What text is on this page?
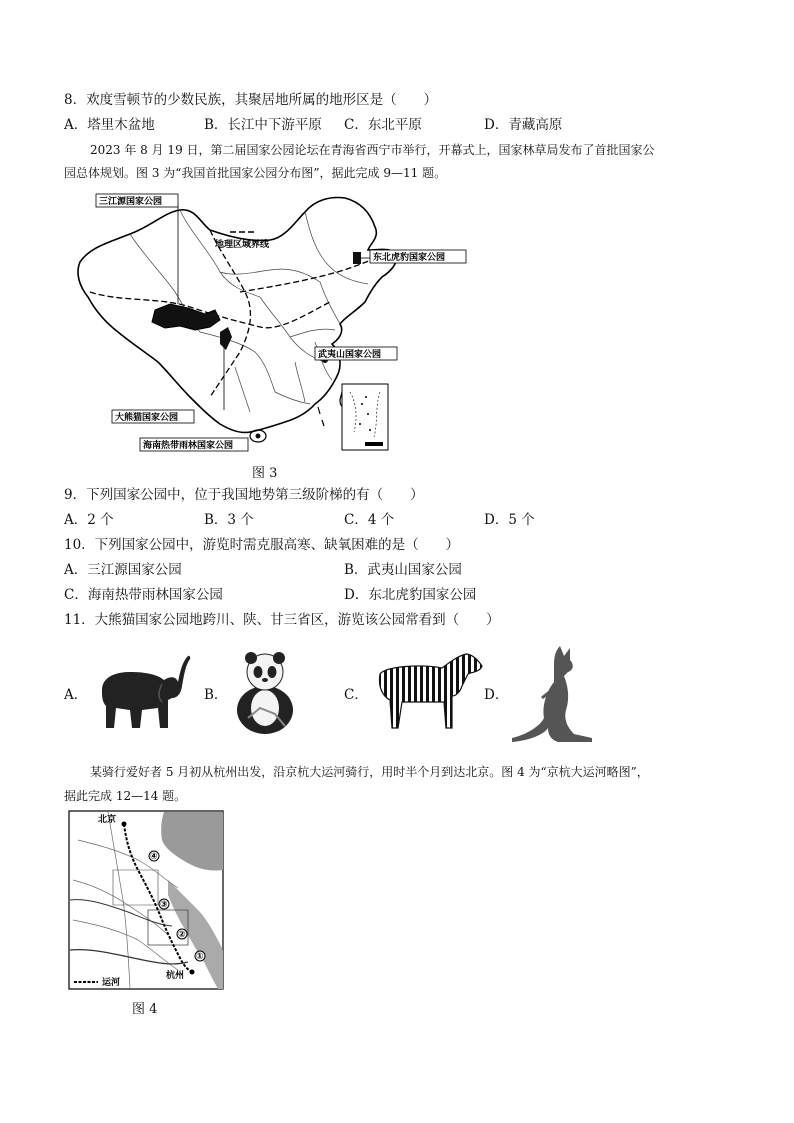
8．欢度雪顿节的少数民族，其聚居地所属的地形区是（　　）
A．塔里木盆地	B．长江中下游平原 C．东北平原	D．青藏高原
2023 年 8 月 19 日，第二届国家公园论坛在青海省西宁市举行，开幕式上，国家林草局发布了首批国家公
园总体规划。图 3 为“我国首批国家公园分布图”，据此完成 9—11 题。
地理区域界线
三江源国家公园
东北虎豹国家公园
武夷山国家公园
大熊猫国家公园
海南热带雨林国家公园
图 3
9．下列国家公园中，位于我国地势第三级阶梯的有（　　）
A．2 个	B．3 个	C．4 个	D．5 个
10．下列国家公园中，游览时需克服高寒、缺氧困难的是（　　）
A．三江源国家公园	B．武夷山国家公园
C．海南热带雨林国家公园	D．东北虎豹国家公园
11．大熊猫国家公园地跨川、陕、甘三省区，游览该公园常看到（　　）
A．	B．	C．	D．
某骑行爱好者 5 月初从杭州出发，沿京杭大运河骑行，用时半个月到达北京。图 4 为“京杭大运河略图”，
据此完成 12—14 题。
④
③
②
①
北京
杭州
运河
图 4
